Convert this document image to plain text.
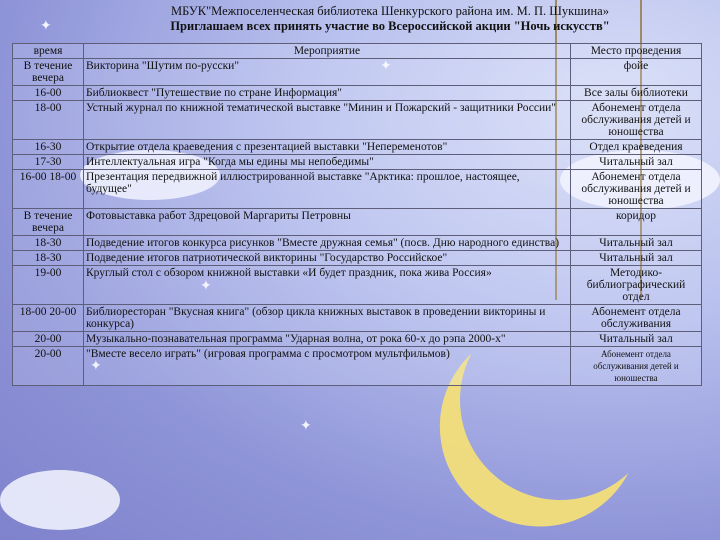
✦
✦
✦
✦
✦
МБУК"Межпоселенческая библиотека Шенкурского района им. М. П. Шукшина»
Приглашаем всех принять участие во Всероссийской акции "Ночь искусств"
время	Мероприятие	Место проведения
В течение вечера	Викторина "Шутим по-русски"	фойе
16-00	Библиоквест "Путешествие по стране Информация"	Все залы библиотеки
18-00	Устный журнал по книжной тематической выставке "Минин и Пожарский - защитники России"	Абонемент отдела обслуживания детей и юношества
16-30	Открытие отдела краеведения с презентацией выставки "Непеременотов"	Отдел краеведения
17-30	Интеллектуальная игра "Когда мы едины мы непобедимы"	Читальный зал
16-00 18-00	Презентация передвижной иллюстрированной выставке "Арктика: прошлое, настоящее, будущее"	Абонемент отдела обслуживания детей и юношества
В течение вечера	Фотовыставка работ Здрецовой Маргариты Петровны	коридор
18-30	Подведение итогов конкурса рисунков "Вместе дружная семья" (посв. Дню народного единства)	Читальный зал
18-30	Подведение итогов патриотической викторины "Государство Российское"	Читальный зал
19-00	Круглый стол с обзором книжной выставки «И будет праздник, пока жива Россия»	Методико-библиографический отдел
18-00 20-00	Библиоресторан "Вкусная книга" (обзор цикла книжных выставок в проведении викторины и конкурса)	Абонемент отдела обслуживания
20-00	Музыкально-познавательная программа "Ударная волна, от рока 60-х до рэпа 2000-х"	Читальный зал
20-00	"Вместе весело играть" (игровая программа с просмотром мультфильмов)	Абонемент отдела обслуживания детей и юношества
